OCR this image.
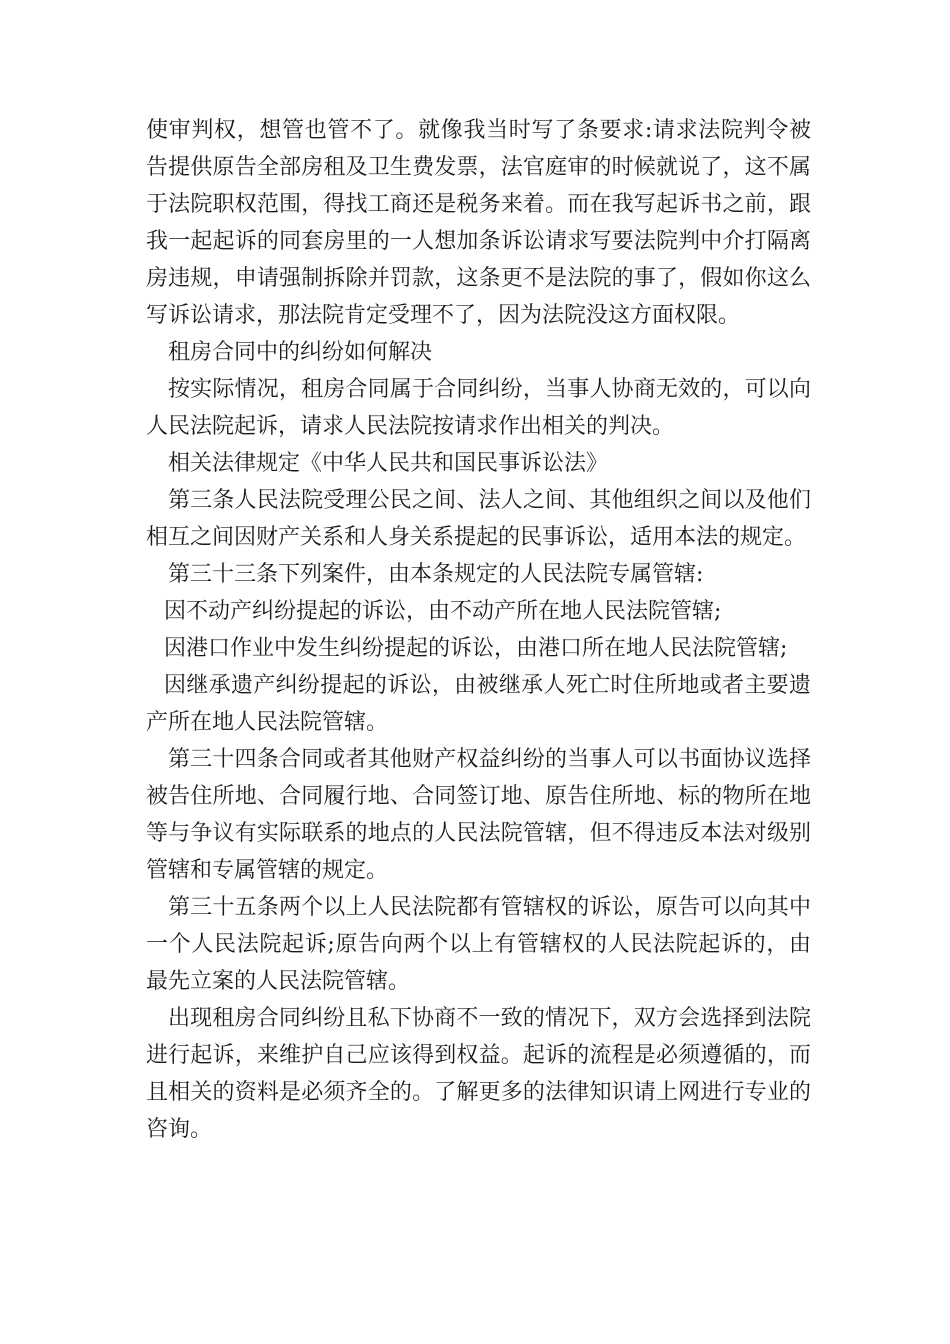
使审判权，想管也管不了。就像我当时写了条要求:请求法院判令被告提供原告全部房租及卫生费发票，法官庭审的时候就说了，这不属于法院职权范围，得找工商还是税务来着。而在我写起诉书之前，跟我一起起诉的同套房里的一人想加条诉讼请求写要法院判中介打隔离房违规，申请强制拆除并罚款，这条更不是法院的事了，假如你这么写诉讼请求，那法院肯定受理不了，因为法院没这方面权限。

租房合同中的纠纷如何解决

按实际情况，租房合同属于合同纠纷，当事人协商无效的，可以向人民法院起诉，请求人民法院按请求作出相关的判决。

相关法律规定《中华人民共和国民事诉讼法》

第三条人民法院受理公民之间、法人之间、其他组织之间以及他们相互之间因财产关系和人身关系提起的民事诉讼，适用本法的规定。

第三十三条下列案件，由本条规定的人民法院专属管辖:

因不动产纠纷提起的诉讼，由不动产所在地人民法院管辖;

因港口作业中发生纠纷提起的诉讼，由港口所在地人民法院管辖;

因继承遗产纠纷提起的诉讼，由被继承人死亡时住所地或者主要遗产所在地人民法院管辖。

第三十四条合同或者其他财产权益纠纷的当事人可以书面协议选择被告住所地、合同履行地、合同签订地、原告住所地、标的物所在地等与争议有实际联系的地点的人民法院管辖，但不得违反本法对级别管辖和专属管辖的规定。

第三十五条两个以上人民法院都有管辖权的诉讼，原告可以向其中一个人民法院起诉;原告向两个以上有管辖权的人民法院起诉的，由最先立案的人民法院管辖。

出现租房合同纠纷且私下协商不一致的情况下，双方会选择到法院进行起诉，来维护自己应该得到权益。起诉的流程是必须遵循的，而且相关的资料是必须齐全的。了解更多的法律知识请上网进行专业的咨询。
